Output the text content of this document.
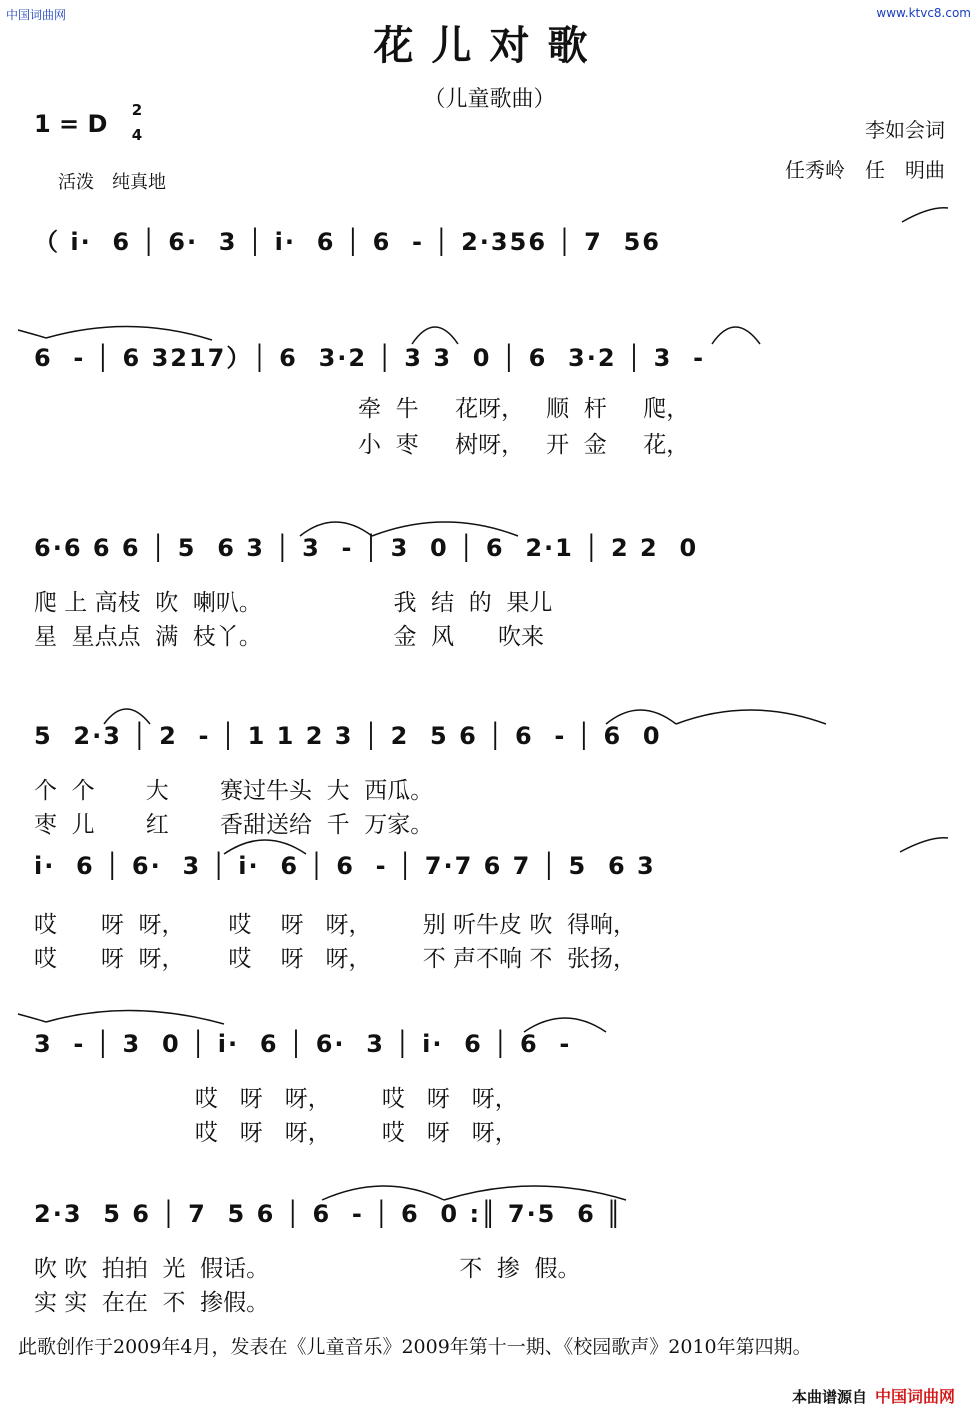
中国词曲网	www.ktvc8.com
花儿对歌
（儿童歌曲）
1 = D 2
4	李如会词
任秀岭　任　明曲
活泼　纯真地
（ i·  6 │ 6·  3 │ i·  6 │ 6  - │ 2·356 │ 7  56
6  - │ 6 3217）│ 6  3·2 │ 3 3  0 │ 6  3·2 │ 3  -
牵  牛     花呀，   顺  杆     爬，
小  枣     树呀，   开  金     花，
6·6 6 6 │ 5  6 3 │ 3  - │ 3  0 │ 6  2·1 │ 2 2  0
爬 上 高枝  吹  喇叭。                  我  结  的  果儿
星  星点点  满  枝丫。                  金  风      吹来
5  2·3 │ 2  - │ 1 1 2 3 │ 2  5 6 │ 6  - │ 6  0
个  个       大       赛过牛头  大  西瓜。
枣  儿       红       香甜送给  千  万家。
i·  6 │ 6·  3 │ i·  6 │ 6  - │ 7·7 6 7 │ 5  6 3
哎      呀  呀，      哎    呀   呀，       别 听牛皮 吹  得响，
哎      呀  呀，      哎    呀   呀，       不 声不响 不  张扬，
3  - │ 3  0 │ i·  6 │ 6·  3 │ i·  6 │ 6  -
哎   呀   呀，       哎   呀   呀，
哎   呀   呀，       哎   呀   呀，
2·3  5 6 │ 7  5 6 │ 6  - │ 6  0 :║ 7·5  6 ║
吹 吹  拍拍  光  假话。                          不  掺  假。
实 实  在在  不  掺假。
此歌创作于2009年4月，发表在《儿童音乐》2009年第十一期、《校园歌声》2010年第四期。
本曲谱源自 中国词曲网
